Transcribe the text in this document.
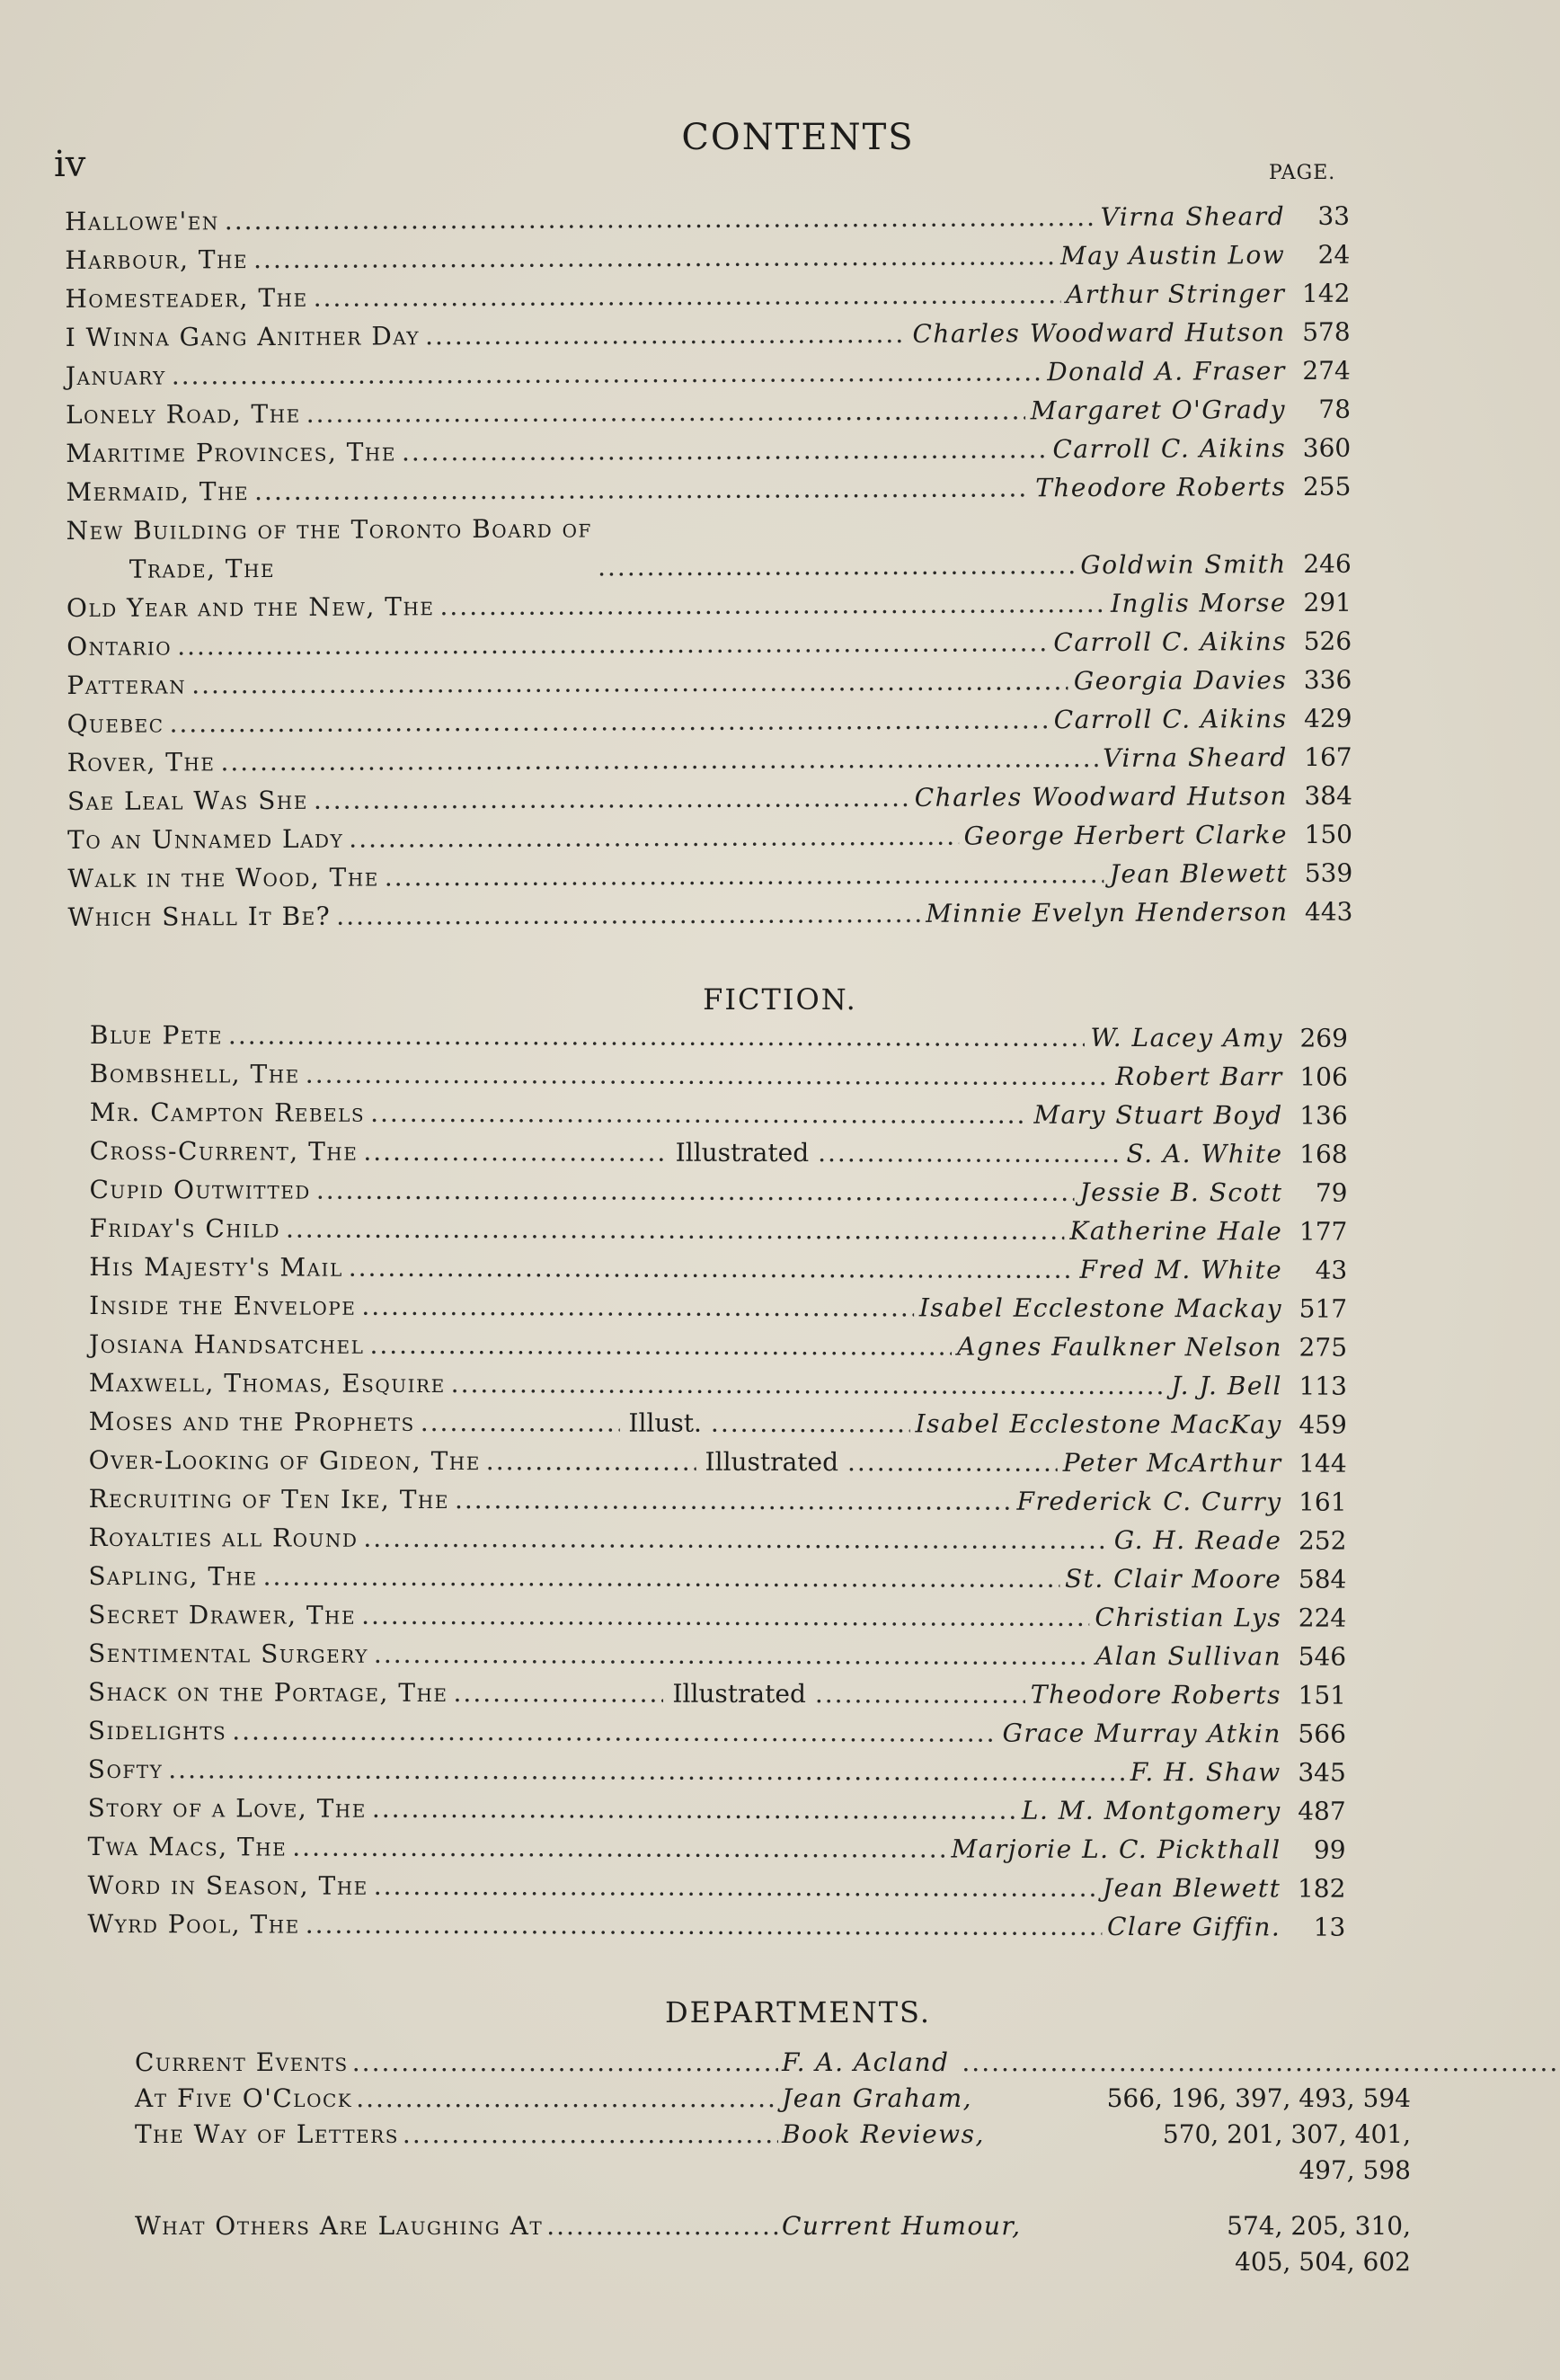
iv
CONTENTS
PAGE.
Hallowe'en .....	Virna Sheard	33
Harbour, The .....	May Austin Low	24
Homesteader, The .....	Arthur Stringer 142
I Winna Gang Anither Day .....	Charles Woodward Hutson 578
January .....	Donald A. Fraser 274
Lonely Road, The .....	Margaret O'Grady	78
Maritime Provinces, The .....	Carroll C. Aikins 360
Mermaid, The .....	Theodore Roberts 255
New Building of the Toronto Board of
Trade, The .....	Goldwin Smith 246
Old Year and the New, The .....	Inglis Morse 291
Ontario .....	Carroll C. Aikins 526
Patteran .....	Georgia Davies 336
Quebec .....	Carroll C. Aikins 429
Rover, The .....	Virna Sheard 167
Sae Leal Was She .....	Charles Woodward Hutson 384
To an Unnamed Lady .....	George Herbert Clarke 150
Walk in the Wood, The .....	Jean Blewett 539
Which Shall It Be? .....	Minnie Evelyn Henderson 443
FICTION.
Blue Pete .....	W. Lacey Amy 269
Bombshell, The .....	Robert Barr 106
Mr. Campton Rebels .....	Mary Stuart Boyd 136
Cross-Current, The .....	Illustrated .....	S. A. White 168
Cupid Outwitted .....	Jessie B. Scott	79
Friday's Child .....	Katherine Hale 177
His Majesty's Mail .....	Fred M. White	43
Inside the Envelope .....	Isabel Ecclestone Mackay 517
Josiana Handsatchel .....	Agnes Faulkner Nelson 275
Maxwell, Thomas, Esquire .....	J. J. Bell 113
Moses and the Prophets .....	Illust. .....	Isabel Ecclestone MacKay 459
Over-Looking of Gideon, The .....	Illustrated .....	Peter McArthur 144
Recruiting of Ten Ike, The .....	Frederick C. Curry 161
Royalties all Round .....	G. H. Reade 252
Sapling, The .....	St. Clair Moore 584
Secret Drawer, The .....	Christian Lys 224
Sentimental Surgery .....	Alan Sullivan 546
Shack on the Portage, The .....	Illustrated .....	Theodore Roberts 151
Sidelights .....	Grace Murray Atkin 566
Softy .....	F. H. Shaw 345
Story of a Love, The .....	L. M. Montgomery 487
Twa Macs, The .....	Marjorie L. C. Pickthall	99
Word in Season, The .....	Jean Blewett 182
Wyrd Pool, The .....	Clare Giffin.	13
DEPARTMENTS.
Current Events .....	F. A. Acland
.....
At Five O'Clock .....	Jean Graham,	566, 196, 397, 493, 594
The Way of Letters .....	Book Reviews,	570, 201, 307, 401,
497, 598
What Others Are Laughing At .....	Current Humour,	574, 205, 310,
405, 504, 602
